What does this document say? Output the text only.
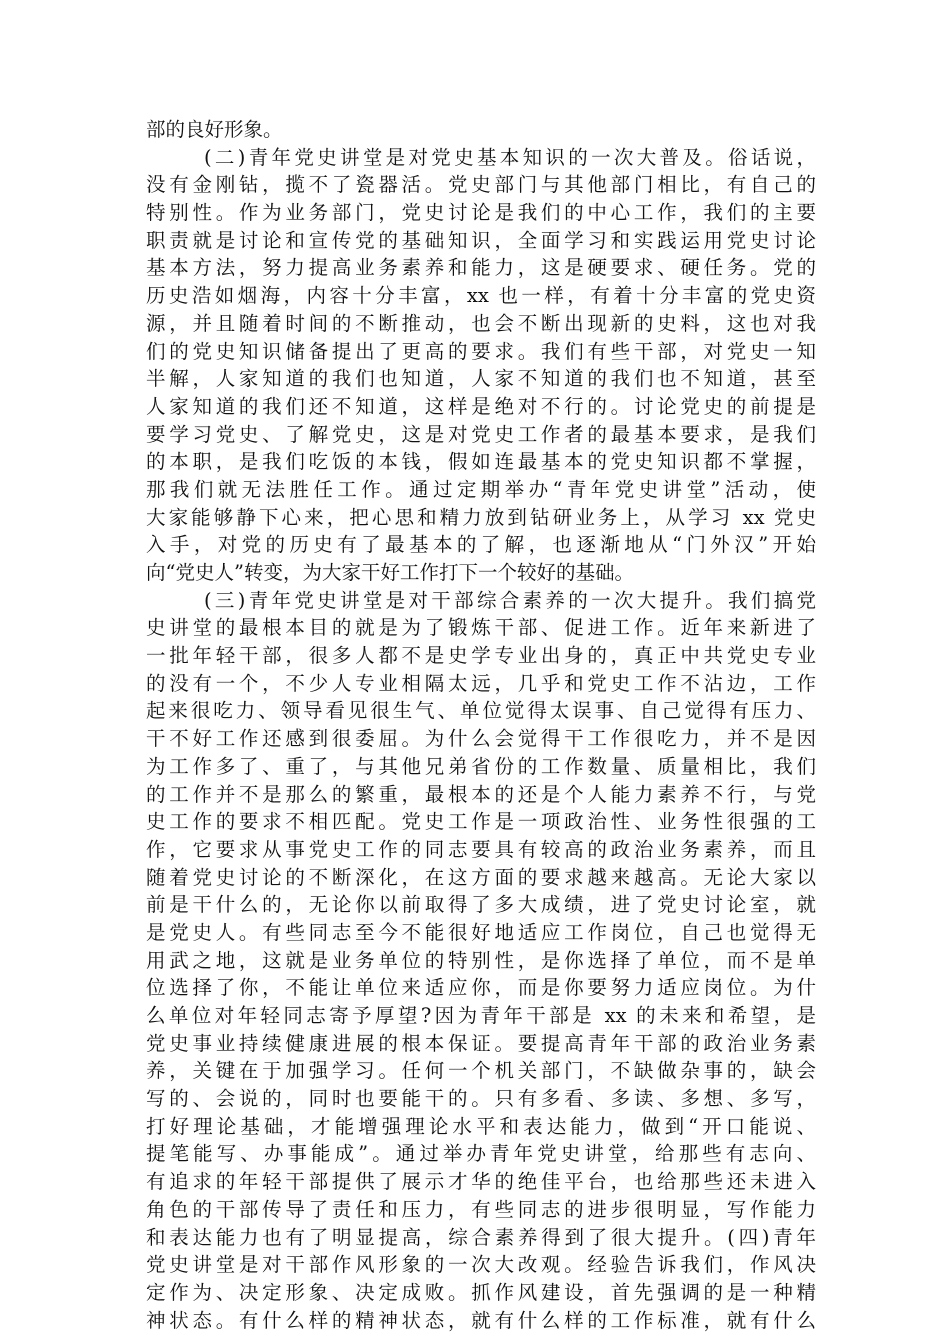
部的良好形象。
(二)青年党史讲堂是对党史基本知识的一次大普及。俗话说，
没有金刚钻，揽不了瓷器活。党史部门与其他部门相比，有自己的
特别性。作为业务部门，党史讨论是我们的中心工作，我们的主要
职责就是讨论和宣传党的基础知识，全面学习和实践运用党史讨论
基本方法，努力提高业务素养和能力，这是硬要求、硬任务。党的
历史浩如烟海，内容十分丰富，xx 也一样，有着十分丰富的党史资
源，并且随着时间的不断推动，也会不断出现新的史料，这也对我
们的党史知识储备提出了更高的要求。我们有些干部，对党史一知
半解，人家知道的我们也知道，人家不知道的我们也不知道，甚至
人家知道的我们还不知道，这样是绝对不行的。讨论党史的前提是
要学习党史、了解党史，这是对党史工作者的最基本要求，是我们
的本职，是我们吃饭的本钱，假如连最基本的党史知识都不掌握，
那我们就无法胜任工作。通过定期举办“青年党史讲堂”活动，使
大家能够静下心来，把心思和精力放到钻研业务上，从学习 xx 党史
入手，对党的历史有了最基本的了解，也逐渐地从“门外汉”开始
向“党史人”转变，为大家干好工作打下一个较好的基础。
(三)青年党史讲堂是对干部综合素养的一次大提升。我们搞党
史讲堂的最根本目的就是为了锻炼干部、促进工作。近年来新进了
一批年轻干部，很多人都不是史学专业出身的，真正中共党史专业
的没有一个，不少人专业相隔太远，几乎和党史工作不沾边，工作
起来很吃力、领导看见很生气、单位觉得太误事、自己觉得有压力、
干不好工作还感到很委屈。为什么会觉得干工作很吃力，并不是因
为工作多了、重了，与其他兄弟省份的工作数量、质量相比，我们
的工作并不是那么的繁重，最根本的还是个人能力素养不行，与党
史工作的要求不相匹配。党史工作是一项政治性、业务性很强的工
作，它要求从事党史工作的同志要具有较高的政治业务素养，而且
随着党史讨论的不断深化，在这方面的要求越来越高。无论大家以
前是干什么的，无论你以前取得了多大成绩，进了党史讨论室，就
是党史人。有些同志至今不能很好地适应工作岗位，自己也觉得无
用武之地，这就是业务单位的特别性，是你选择了单位，而不是单
位选择了你，不能让单位来适应你，而是你要努力适应岗位。为什
么单位对年轻同志寄予厚望?因为青年干部是 xx 的未来和希望，是
党史事业持续健康进展的根本保证。要提高青年干部的政治业务素
养，关键在于加强学习。任何一个机关部门，不缺做杂事的，缺会
写的、会说的，同时也要能干的。只有多看、多读、多想、多写，
打好理论基础，才能增强理论水平和表达能力，做到“开口能说、
提笔能写、办事能成”。通过举办青年党史讲堂，给那些有志向、
有追求的年轻干部提供了展示才华的绝佳平台，也给那些还未进入
角色的干部传导了责任和压力，有些同志的进步很明显，写作能力
和表达能力也有了明显提高，综合素养得到了很大提升。(四)青年
党史讲堂是对干部作风形象的一次大改观。经验告诉我们，作风决
定作为、决定形象、决定成败。抓作风建设，首先强调的是一种精
神状态。有什么样的精神状态，就有什么样的工作标准，就有什么
